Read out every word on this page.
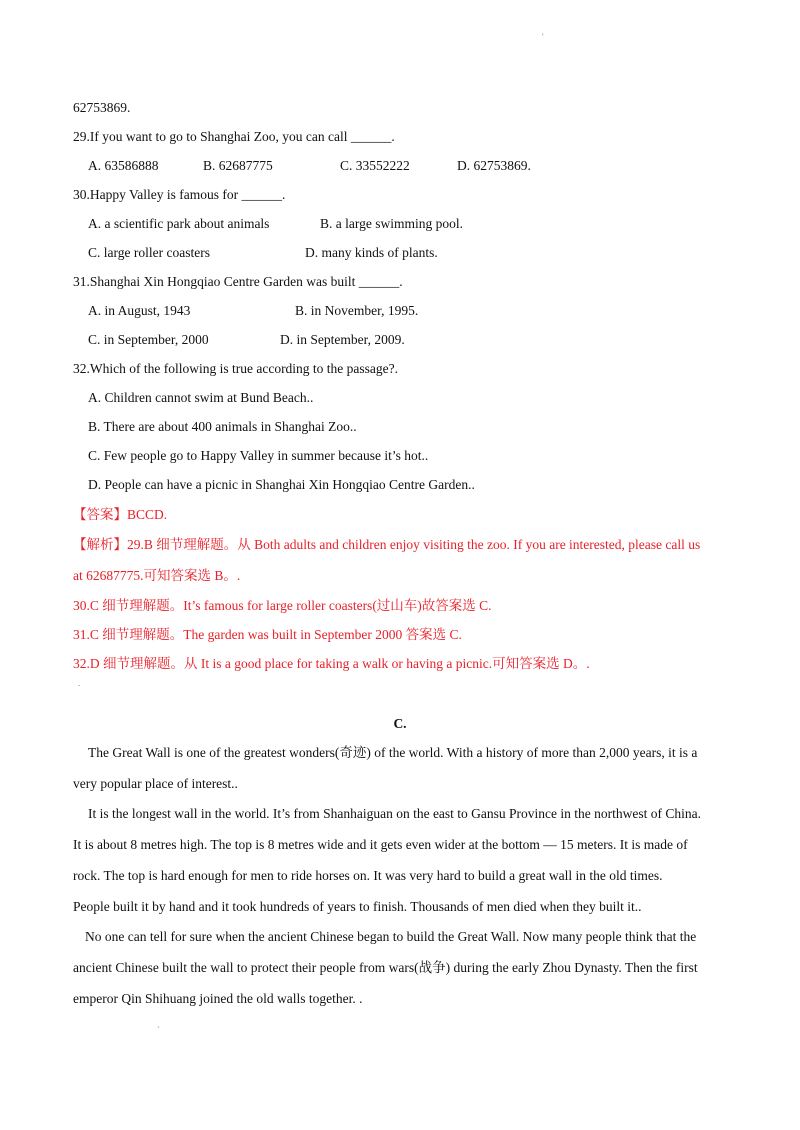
'
62753869.
29.If you want to go to Shanghai Zoo, you can call ______.
A. 63586888	B. 62687775	C. 33552222	D. 62753869.
30.Happy Valley is famous for ______.
A. a scientific park about animals	B. a large swimming pool.
C. large roller coasters	D. many kinds of plants.
31.Shanghai Xin Hongqiao Centre Garden was built ______.
A. in August, 1943	B. in November, 1995.
C. in September, 2000	D. in September, 2009.
32.Which of the following is true according to the passage?.
A. Children cannot swim at Bund Beach..
B. There are about 400 animals in Shanghai Zoo..
C. Few people go to Happy Valley in summer because it’s hot..
D. People can have a picnic in Shanghai Xin Hongqiao Centre Garden..
【答案】BCCD.
【解析】29.B 细节理解题。从 Both adults and children enjoy visiting the zoo. If you are interested, please call us
at 62687775.可知答案选 B。.
30.C 细节理解题。It’s famous for large roller coasters(过山车)故答案选 C.
31.C 细节理解题。The garden was built in September 2000 答案选 C.
32.D 细节理解题。从 It is a good place for taking a walk or having a picnic.可知答案选 D。.
.
C.
The Great Wall is one of the greatest wonders(奇迹) of the world. With a history of more than 2,000 years, it is a
very popular place of interest..
It is the longest wall in the world. It’s from Shanhaiguan on the east to Gansu Province in the northwest of China.
It is about 8 metres high. The top is 8 metres wide and it gets even wider at the bottom — 15 meters. It is made of
rock. The top is hard enough for men to ride horses on. It was very hard to build a great wall in the old times.
People built it by hand and it took hundreds of years to finish. Thousands of men died when they built it..
No one can tell for sure when the ancient Chinese began to build the Great Wall. Now many people think that the
ancient Chinese built the wall to protect their people from wars(战争) during the early Zhou Dynasty. Then the first
emperor Qin Shihuang joined the old walls together. .
`
